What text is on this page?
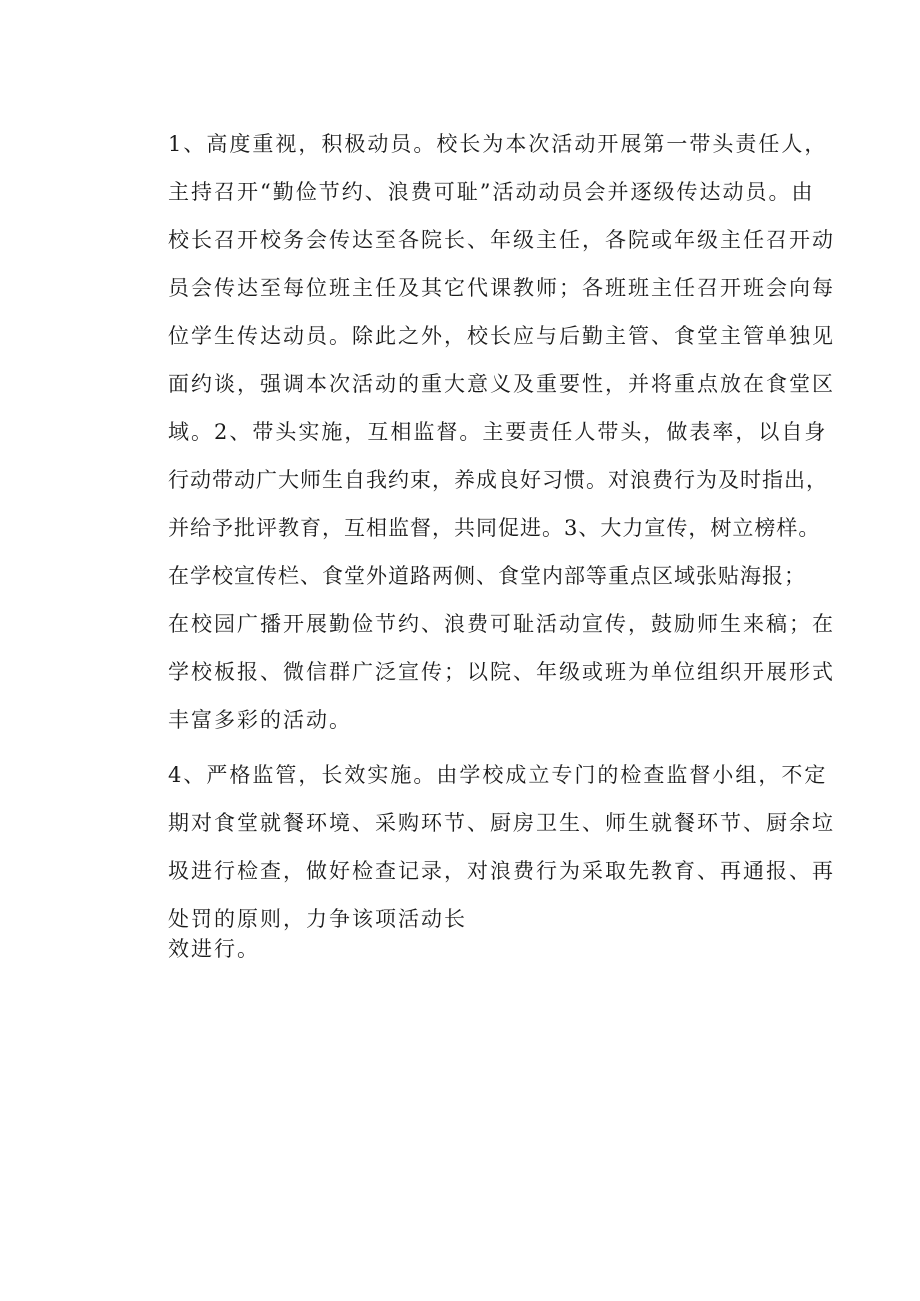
1、高度重视，积极动员。校长为本次活动开展第一带头责任人，
主持召开“勤俭节约、浪费可耻”活动动员会并逐级传达动员。由
校长召开校务会传达至各院长、年级主任，各院或年级主任召开动
员会传达至每位班主任及其它代课教师；各班班主任召开班会向每
位学生传达动员。除此之外，校长应与后勤主管、食堂主管单独见
面约谈，强调本次活动的重大意义及重要性，并将重点放在食堂区
域。2、带头实施，互相监督。主要责任人带头，做表率，以自身
行动带动广大师生自我约束，养成良好习惯。对浪费行为及时指出，
并给予批评教育，互相监督，共同促进。3、大力宣传，树立榜样。
在学校宣传栏、食堂外道路两侧、食堂内部等重点区域张贴海报；
在校园广播开展勤俭节约、浪费可耻活动宣传，鼓励师生来稿；在
学校板报、微信群广泛宣传；以院、年级或班为单位组织开展形式
丰富多彩的活动。
4、严格监管，长效实施。由学校成立专门的检查监督小组，不定
期对食堂就餐环境、采购环节、厨房卫生、师生就餐环节、厨余垃
圾进行检查，做好检查记录，对浪费行为采取先教育、再通报、再
处罚的原则，力争该项活动长
效进行。
